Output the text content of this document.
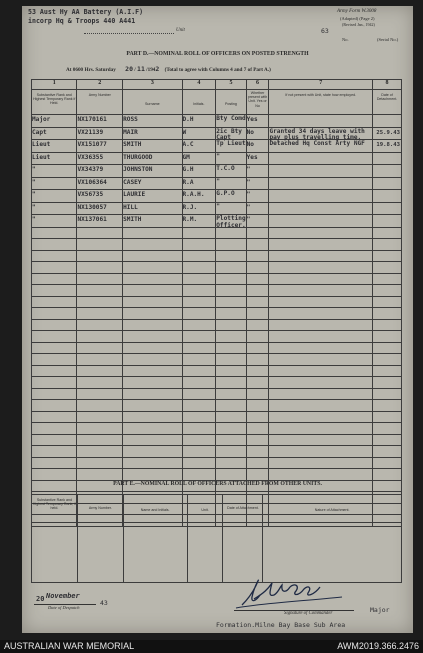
53 Aust Hy AA Battery (A.I.F)
incorp Hq & Troops 440 A441
Unit
Army Form W.3008
(Adapted) (Page 2)
(Revised Jan., 1942)
63
No.	(Serial No.)
PART D.—NOMINAL ROLL OF OFFICERS ON POSTED STRENGTH
At 0600 Hrs. Saturday 20 / 11 /1942 (Total to agree with Columns 4 and 7 of Part A.)
1	2	3	4	5	6	7	8

Substantive Rank and Highest Temporary Rank if Held.	Army Number	Surname	Initials.	Posting	Whether present with Unit. Yes or No	If not present with Unit, state how employed.	Date of Detachment.

Major	NX170161	ROSS	D.H	Bty Comd	Yes		

Capt	VX21139	MAIR	W	2ic Bty Capt	No	Granted 34 days leave with pay plus travelling time.	25.9.43

Lieut	VX151077	SMITH	A.C	Tp Lieut	No	Detached Hq Const Arty NGF	19.8.43

Lieut	VX36355	THURGOOD	GM	"	Yes		

"	VX34379	JOHNSTON	G.H	T.C.O	"		

"	VX106364	CASEY	R.A	"	"		

"	VX56735	LAURIE	R.A.H.	G.P.O	"		

"	NX130057	HILL	R.J.	"	"		

"	NX137061	SMITH	R.M.	Plotting Officer.	"		

PART E.—NOMINAL ROLL OF OFFICERS ATTACHED FROM OTHER UNITS.
Substantive Rank and Highest Temporary Rank, if held.	Army Number.	Name and Initials.	Unit.	Date of Attachment.	Nature of Attachment.

20 November
Date of Despatch
43
Signature of Commander	Major
Formation.Milne Bay Base Sub Area
AUSTRALIAN WAR MEMORIAL	AWM2019.366.2476
